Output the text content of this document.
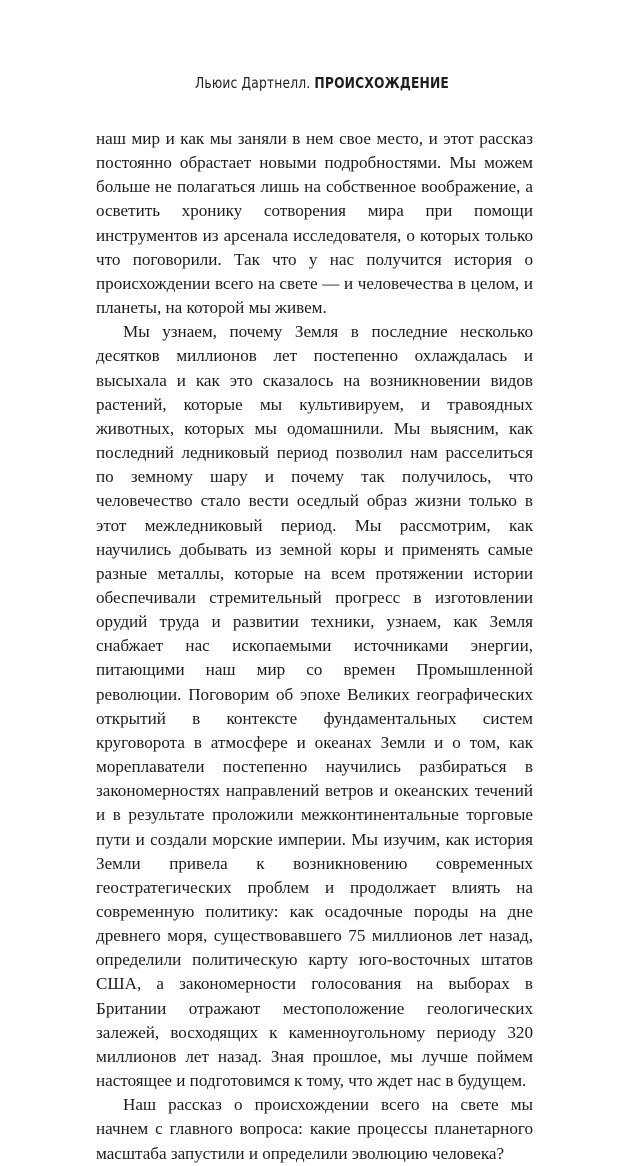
Льюис Дартнелл. ПРОИСХОЖДЕНИЕ

наш мир и как мы заняли в нем свое место, и этот рассказ постоянно обрастает новыми подробностями. Мы можем больше не полагаться лишь на собственное воображение, а осветить хронику сотворения мира при помощи инструментов из арсенала исследователя, о которых только что поговорили. Так что у нас получится история о происхождении всего на свете — и человечества в целом, и планеты, на которой мы живем.

Мы узнаем, почему Земля в последние несколько десятков миллионов лет постепенно охлаждалась и высыхала и как это сказалось на возникновении видов растений, которые мы культивируем, и травоядных животных, которых мы одомашнили. Мы выясним, как последний ледниковый период позволил нам расселиться по земному шару и почему так получилось, что человечество стало вести оседлый образ жизни только в этот межледниковый период. Мы рассмотрим, как научились добывать из земной коры и применять самые разные металлы, которые на всем протяжении истории обеспечивали стремительный прогресс в изготовлении орудий труда и развитии техники, узнаем, как Земля снабжает нас ископаемыми источниками энергии, питающими наш мир со времен Промышленной революции. Поговорим об эпохе Великих географических открытий в контексте фундаментальных систем круговорота в атмосфере и океанах Земли и о том, как мореплаватели постепенно научились разбираться в закономерностях направлений ветров и океанских течений и в результате проложили межконтинентальные торговые пути и создали морские империи. Мы изучим, как история Земли привела к возникновению современных геостратегических проблем и продолжает влиять на современную политику: как осадочные породы на дне древнего моря, существовавшего 75 миллионов лет назад, определили политическую карту юго-восточных штатов США, а закономерности голосования на выборах в Британии отражают местоположение геологических залежей, восходящих к каменноугольному периоду 320 миллионов лет назад. Зная прошлое, мы лучше поймем настоящее и подготовимся к тому, что ждет нас в будущем.

Наш рассказ о происхождении всего на свете мы начнем с главного вопроса: какие процессы планетарного масштаба запустили и определили эволюцию человека?
